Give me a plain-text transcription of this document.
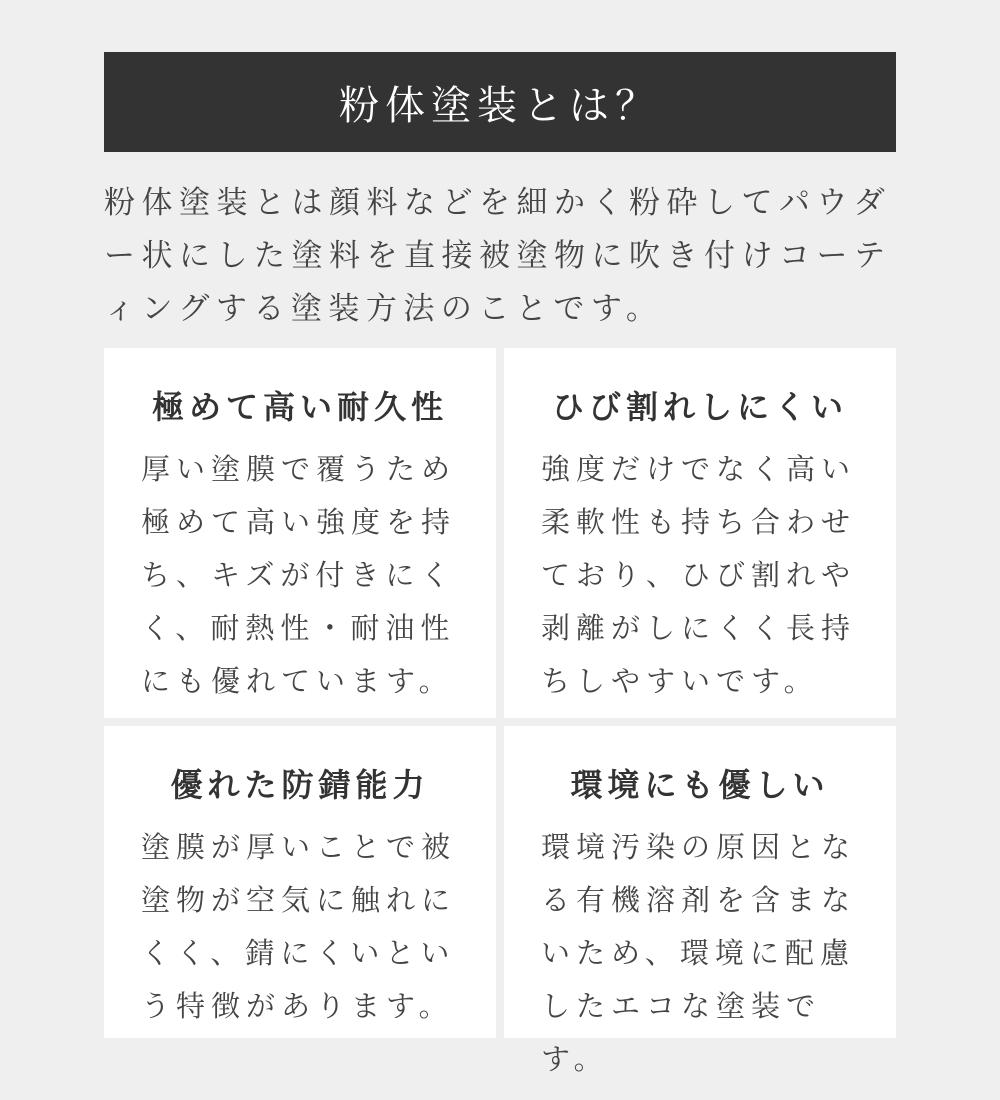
粉体塗装とは？

粉体塗装とは顔料などを細かく粉砕してパウダー状にした塗料を直接被塗物に吹き付けコーティングする塗装方法のことです。

極めて高い耐久性

厚い塗膜で覆うため極めて高い強度を持ち、キズが付きにくく、耐熱性・耐油性にも優れています。

ひび割れしにくい

強度だけでなく高い柔軟性も持ち合わせており、ひび割れや剥離がしにくく長持ちしやすいです。

優れた防錆能力

塗膜が厚いことで被塗物が空気に触れにくく、錆にくいという特徴があります。

環境にも優しい

環境汚染の原因となる有機溶剤を含まないため、環境に配慮したエコな塗装です。
